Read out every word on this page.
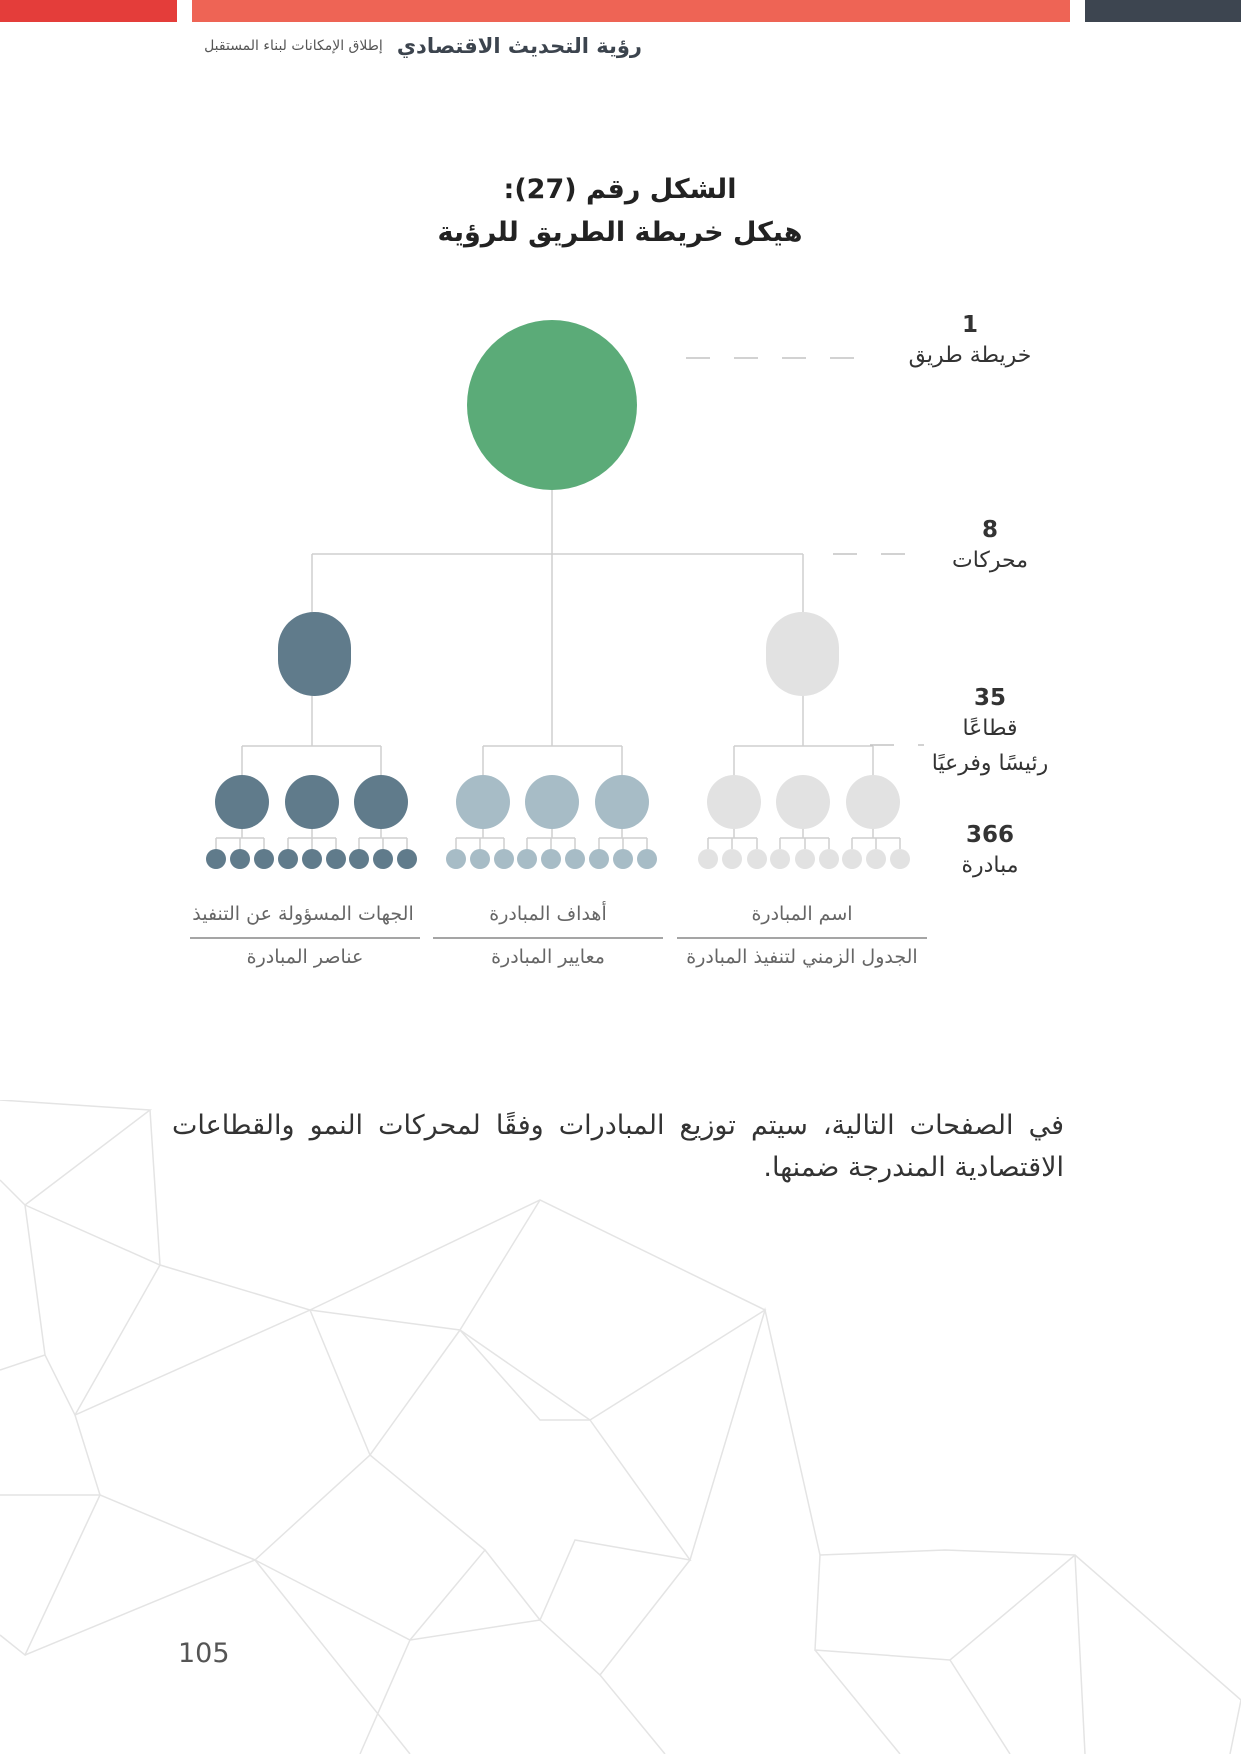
رؤية التحديث الاقتصادي
إطلاق الإمكانات لبناء المستقبل
الشكل رقم (27):
هيكل خريطة الطريق للرؤية
1
خريطة طريق
8
محركات
35
قطاعًا
رئيسًا وفرعيًا
366
مبادرة
اسم المبادرة
الجدول الزمني لتنفيذ المبادرة
أهداف المبادرة
معايير المبادرة
الجهات المسؤولة عن التنفيذ
عناصر المبادرة
في الصفحات التالية، سيتم توزيع المبادرات وفقًا لمحركات النمو والقطاعات الاقتصادية المندرجة ضمنها.
105
